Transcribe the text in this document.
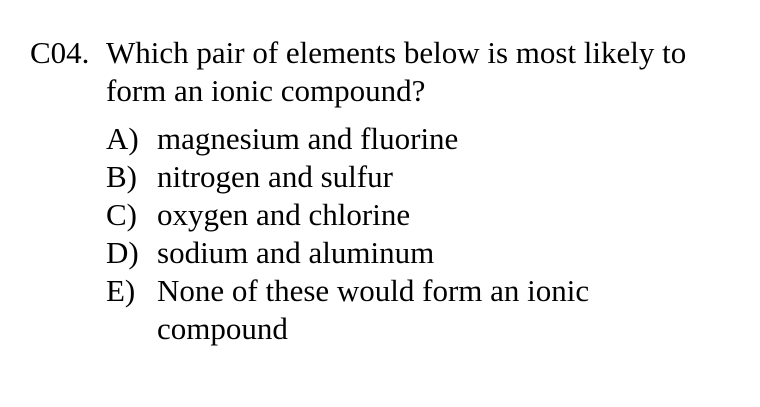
C04. Which pair of elements below is most likely to form an ionic compound?
A) magnesium and fluorine
B) nitrogen and sulfur
C) oxygen and chlorine
D) sodium and aluminum
E) None of these would form an ionic compound
